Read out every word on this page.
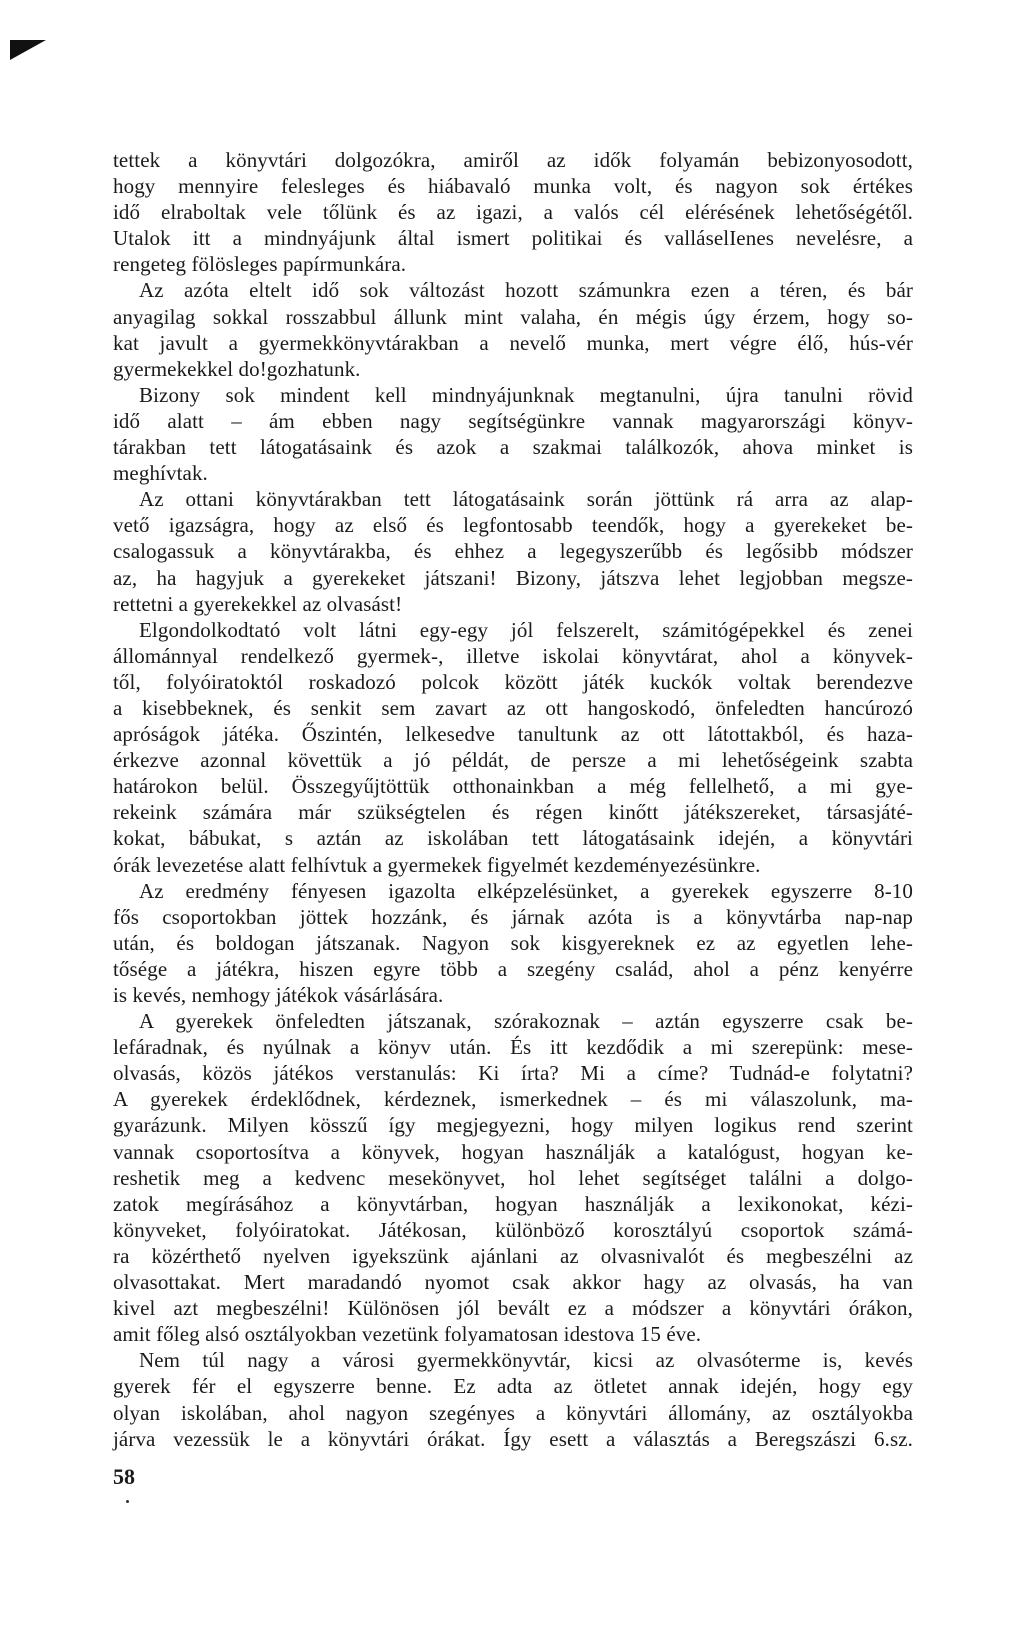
tettek a könyvtári dolgozókra, amiről az idők folyamán bebizonyosodott,
hogy mennyire felesleges és hiábavaló munka volt, és nagyon sok értékes
idő elraboltak vele tőlünk és az igazi, a valós cél elérésének lehetőségétől.
Utalok itt a mindnyájunk által ismert politikai és valláselIenes nevelésre, a
rengeteg fölösleges papírmunkára.
Az azóta eltelt idő sok változást hozott számunkra ezen a téren, és bár
anyagilag sokkal rosszabbul állunk mint valaha, én mégis úgy érzem, hogy so-
kat javult a gyermekkönyvtárakban a nevelő munka, mert végre élő, hús-vér
gyermekekkel do!gozhatunk.
Bizony sok mindent kell mindnyájunknak megtanulni, újra tanulni rövid
idő alatt – ám ebben nagy segítségünkre vannak magyarországi könyv-
tárakban tett látogatásaink és azok a szakmai találkozók, ahova minket is
meghívtak.
Az ottani könyvtárakban tett látogatásaink során jöttünk rá arra az alap-
vető igazságra, hogy az első és legfontosabb teendők, hogy a gyerekeket be-
csalogassuk a könyvtárakba, és ehhez a legegyszerűbb és legősibb módszer
az, ha hagyjuk a gyerekeket játszani! Bizony, játszva lehet legjobban megsze-
rettetni a gyerekekkel az olvasást!
Elgondolkodtató volt látni egy-egy jól felszerelt, számitógépekkel és zenei
állománnyal rendelkező gyermek-, illetve iskolai könyvtárat, ahol a könyvek-
től, folyóiratoktól roskadozó polcok között játék kuckók voltak berendezve
a kisebbeknek, és senkit sem zavart az ott hangoskodó, önfeledten hancúrozó
apróságok játéka. Őszintén, lelkesedve tanultunk az ott látottakból, és haza-
érkezve azonnal követtük a jó példát, de persze a mi lehetőségeink szabta
határokon belül. Összegyűjtöttük otthonainkban a még fellelhető, a mi gye-
rekeink számára már szükségtelen és régen kinőtt játékszereket, társasjáté-
kokat, bábukat, s aztán az iskolában tett látogatásaink idején, a könyvtári
órák levezetése alatt felhívtuk a gyermekek figyelmét kezdeményezésünkre.
Az eredmény fényesen igazolta elképzelésünket, a gyerekek egyszerre 8-10
fős csoportokban jöttek hozzánk, és járnak azóta is a könyvtárba nap-nap
után, és boldogan játszanak. Nagyon sok kisgyereknek ez az egyetlen lehe-
tősége a játékra, hiszen egyre több a szegény család, ahol a pénz kenyérre
is kevés, nemhogy játékok vásárlására.
A gyerekek önfeledten játszanak, szórakoznak – aztán egyszerre csak be-
lefáradnak, és nyúlnak a könyv után. És itt kezdődik a mi szerepünk: mese-
olvasás, közös játékos verstanulás: Ki írta? Mi a címe? Tudnád-e folytatni?
A gyerekek érdeklődnek, kérdeznek, ismerkednek – és mi válaszolunk, ma-
gyarázunk. Milyen kösszű így megjegyezni, hogy milyen logikus rend szerint
vannak csoportosítva a könyvek, hogyan használják a katalógust, hogyan ke-
reshetik meg a kedvenc mesekönyvet, hol lehet segítséget találni a dolgo-
zatok megírásához a könyvtárban, hogyan használják a lexikonokat, kézi-
könyveket, folyóiratokat. Játékosan, különböző korosztályú csoportok számá-
ra közérthető nyelven igyekszünk ajánlani az olvasnivalót és megbeszélni az
olvasottakat. Mert maradandó nyomot csak akkor hagy az olvasás, ha van
kivel azt megbeszélni! Különösen jól bevált ez a módszer a könyvtári órákon,
amit főleg alsó osztályokban vezetünk folyamatosan idestova 15 éve.
Nem túl nagy a városi gyermekkönyvtár, kicsi az olvasóterme is, kevés
gyerek fér el egyszerre benne. Ez adta az ötletet annak idején, hogy egy
olyan iskolában, ahol nagyon szegényes a könyvtári állomány, az osztályokba
járva vezessük le a könyvtári órákat. Így esett a választás a Beregszászi 6.sz.
58
